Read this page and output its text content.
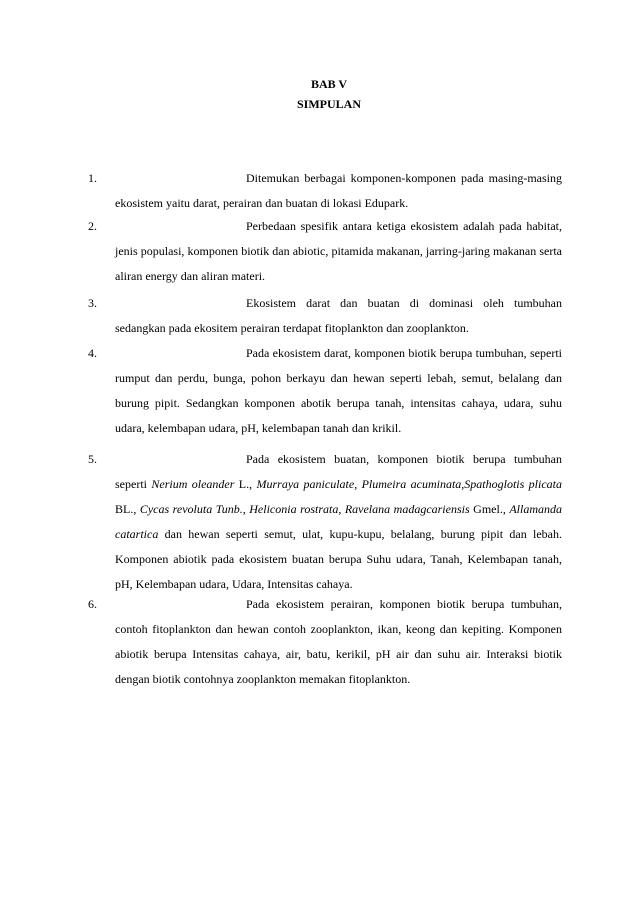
BAB V
SIMPULAN
1.	Ditemukan berbagai komponen-komponen pada masing-masing ekosistem yaitu darat, perairan dan buatan di lokasi Edupark.
2.	Perbedaan spesifik antara ketiga ekosistem adalah pada habitat, jenis populasi, komponen biotik dan abiotic, pitamida makanan, jarring-jaring makanan serta aliran energy dan aliran materi.
3.	Ekosistem darat dan buatan di dominasi oleh tumbuhan sedangkan pada ekositem perairan terdapat fitoplankton dan zooplankton.
4.	Pada ekosistem darat, komponen biotik berupa tumbuhan, seperti rumput dan perdu, bunga, pohon berkayu dan hewan seperti lebah, semut, belalang dan burung pipit. Sedangkan komponen abotik berupa tanah, intensitas cahaya, udara, suhu udara, kelembapan udara, pH, kelembapan tanah dan krikil.
5.	Pada ekosistem buatan, komponen biotik berupa tumbuhan seperti Nerium oleander L., Murraya paniculate, Plumeira acuminata,Spathoglotis plicata BL., Cycas revoluta Tunb., Heliconia rostrata, Ravelana madagcariensis Gmel., Allamanda catartica dan hewan seperti semut, ulat, kupu-kupu, belalang, burung pipit dan lebah. Komponen abiotik pada ekosistem buatan berupa Suhu udara, Tanah, Kelembapan tanah, pH, Kelembapan udara, Udara, Intensitas cahaya.
6.	Pada ekosistem perairan, komponen biotik berupa tumbuhan, contoh fitoplankton dan hewan contoh zooplankton, ikan, keong dan kepiting. Komponen abiotik berupa Intensitas cahaya, air, batu, kerikil, pH air dan suhu air. Interaksi biotik dengan biotik contohnya zooplankton memakan fitoplankton.
